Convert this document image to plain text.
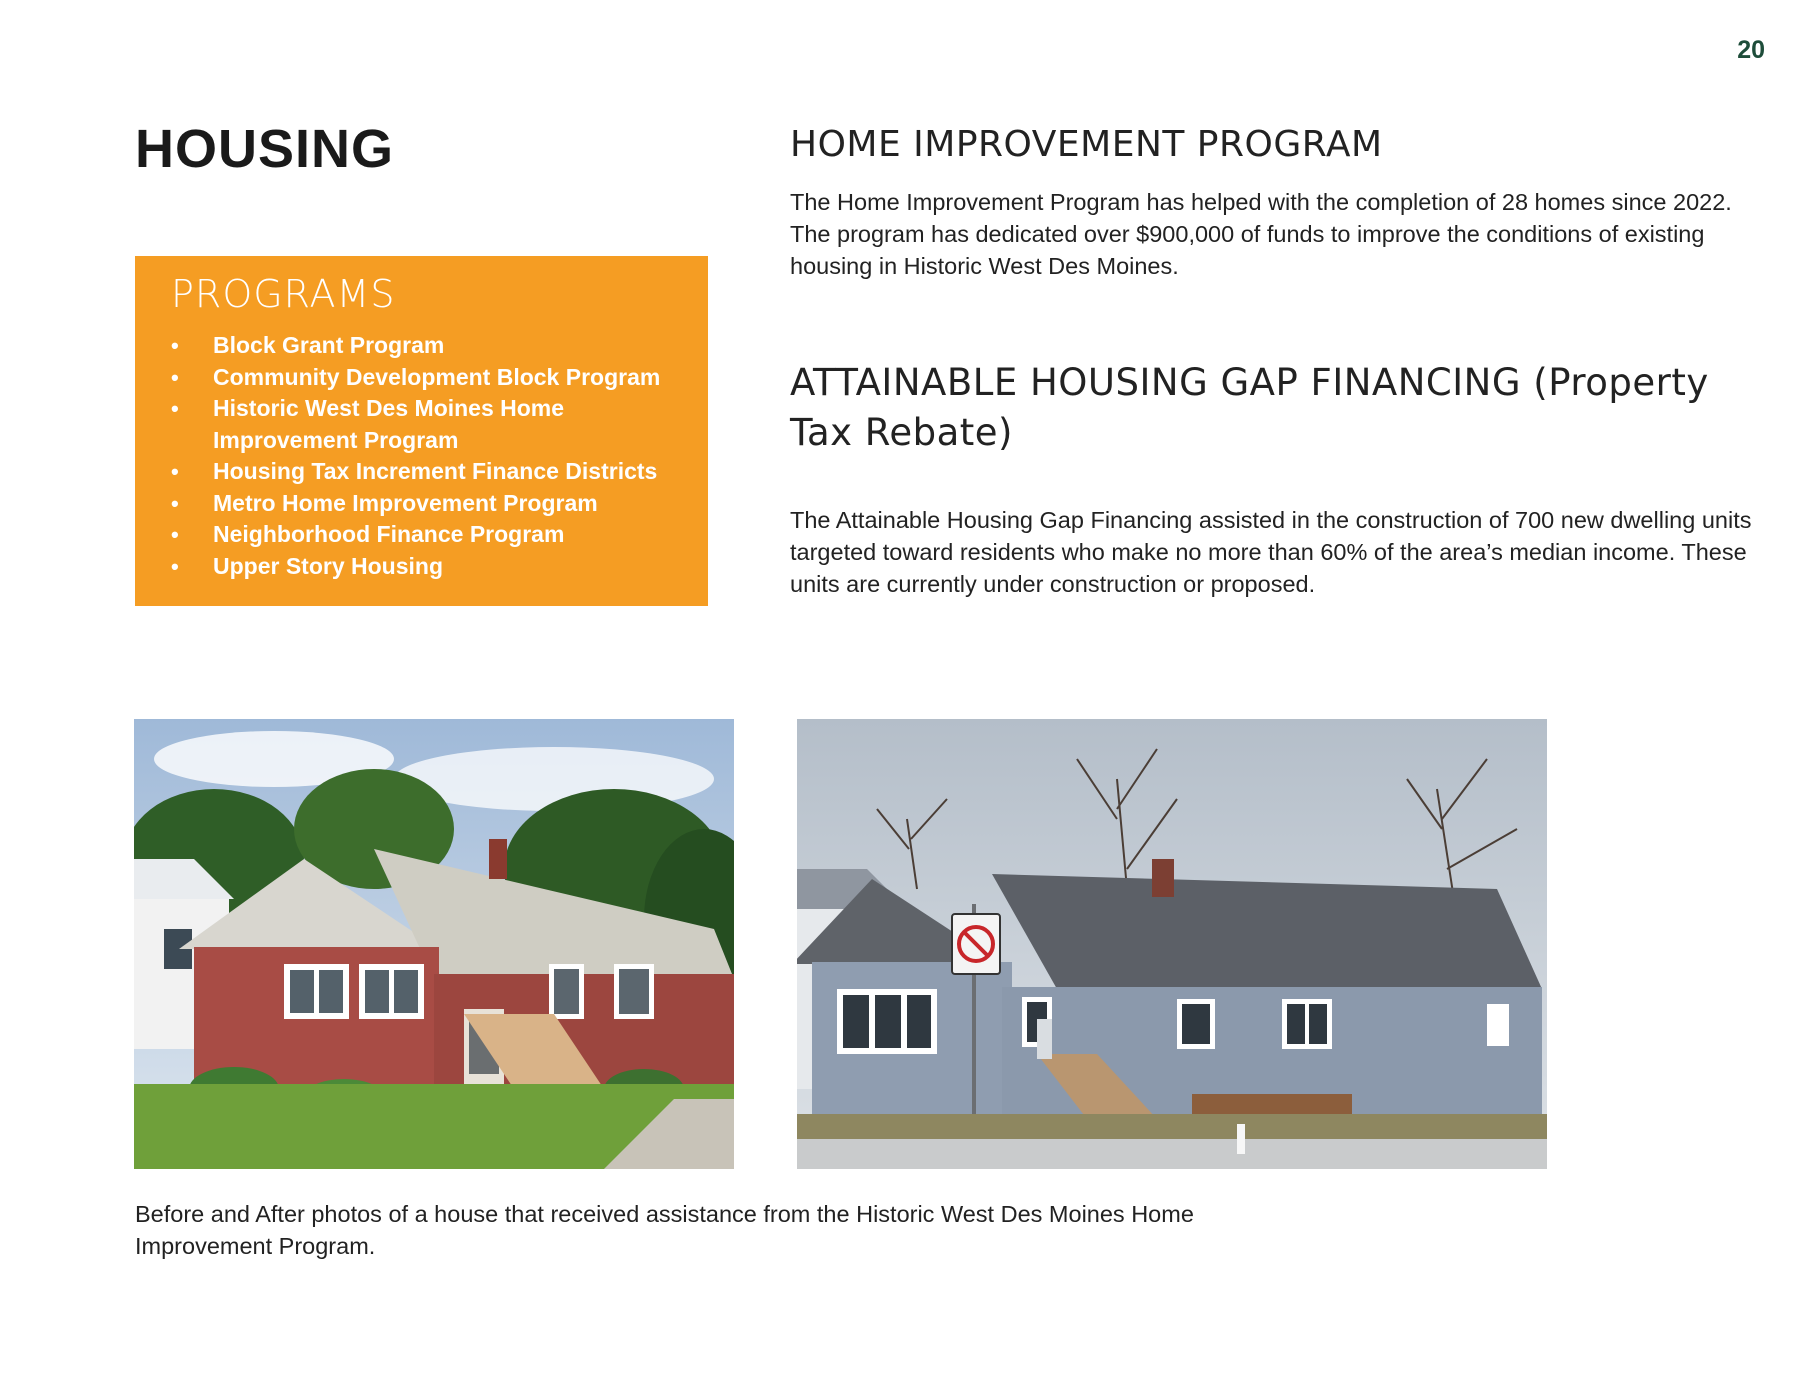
20
HOUSING
PROGRAMS
• Block Grant Program
• Community Development Block Program
• Historic West Des Moines Home Improvement Program
• Housing Tax Increment Finance Districts
• Metro Home Improvement Program
• Neighborhood Finance Program
• Upper Story Housing
HOME IMPROVEMENT PROGRAM

The Home Improvement Program has helped with the completion of 28 homes since 2022. The program has dedicated over $900,000 of funds to improve the conditions of existing housing in Historic West Des Moines.

ATTAINABLE HOUSING GAP FINANCING (Property Tax Rebate)

The Attainable Housing Gap Financing assisted in the construction of 700 new dwelling units targeted toward residents who make no more than 60% of the area’s median income. These units are currently under construction or proposed.

Before and After photos of a house that received assistance from the Historic West Des Moines Home Improvement Program.
